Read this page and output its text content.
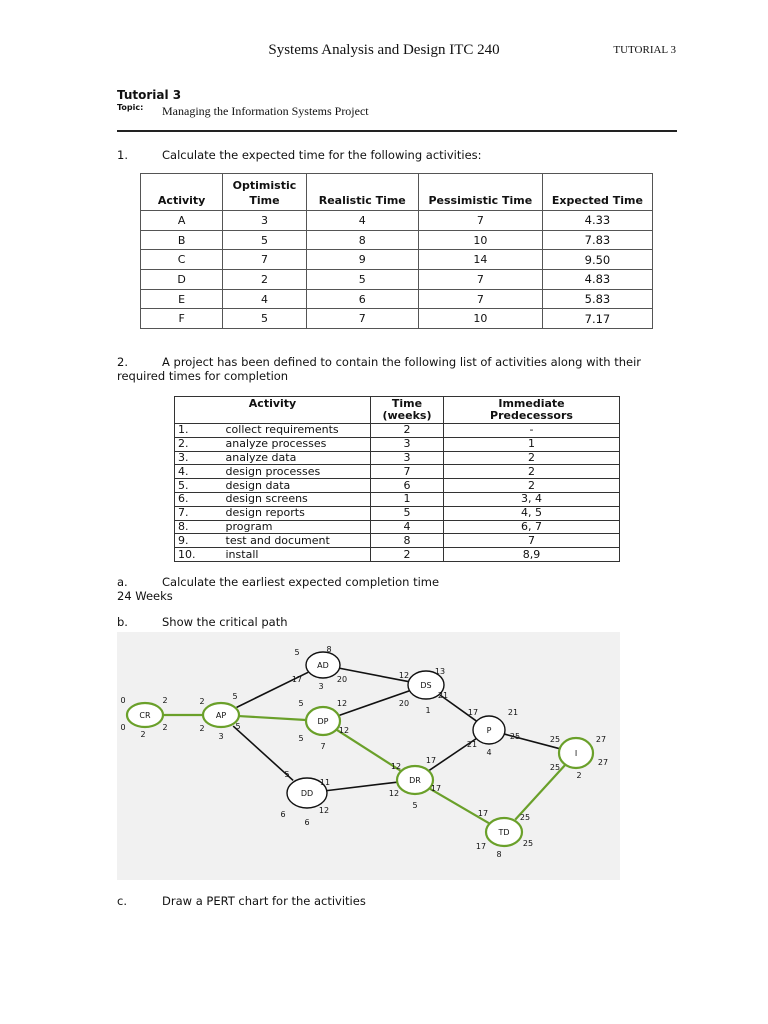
Systems Analysis and Design ITC 240	TUTORIAL 3
Tutorial 3
Topic: Managing the Information Systems Project
1.	Calculate the expected time for the following activities:
Activity	Optimistic Time	Realistic Time	Pessimistic Time	Expected Time
A	3	4	7	4.33
B	5	8	10	7.83
C	7	9	14	9.50
D	2	5	7	4.83
E	4	6	7	5.83
F	5	7	10	7.17
2.	A project has been defined to contain the following list of activities along with their
required times for completion
Activity		Time (weeks)	Immediate Predecessors
1.	collect requirements	2	-
2.	analyze processes	3	1
3.	analyze data	3	2
4.	design processes	7	2
5.	design data	6	2
6.	design screens	1	3, 4
7.	design reports	5	4, 5
8.	program	4	6, 7
9.	test and document	8	7
10.	install	2	8,9
a.	Calculate the earliest expected completion time
24 Weeks
b.	Show the critical path
CR
0	2
0	2
2
AP
2
5
2	5
3
AD
5	8
17	20
3
DP
5	12
5
12
7
DD
5
11
6	12
6
DS
12	13
20
21
1
DR
12
17
12
17
5
P
17	21
21
25
4
TD
17	25
17	25
8
I
25	27
25
27
2
c.	Draw a PERT chart for the activities
